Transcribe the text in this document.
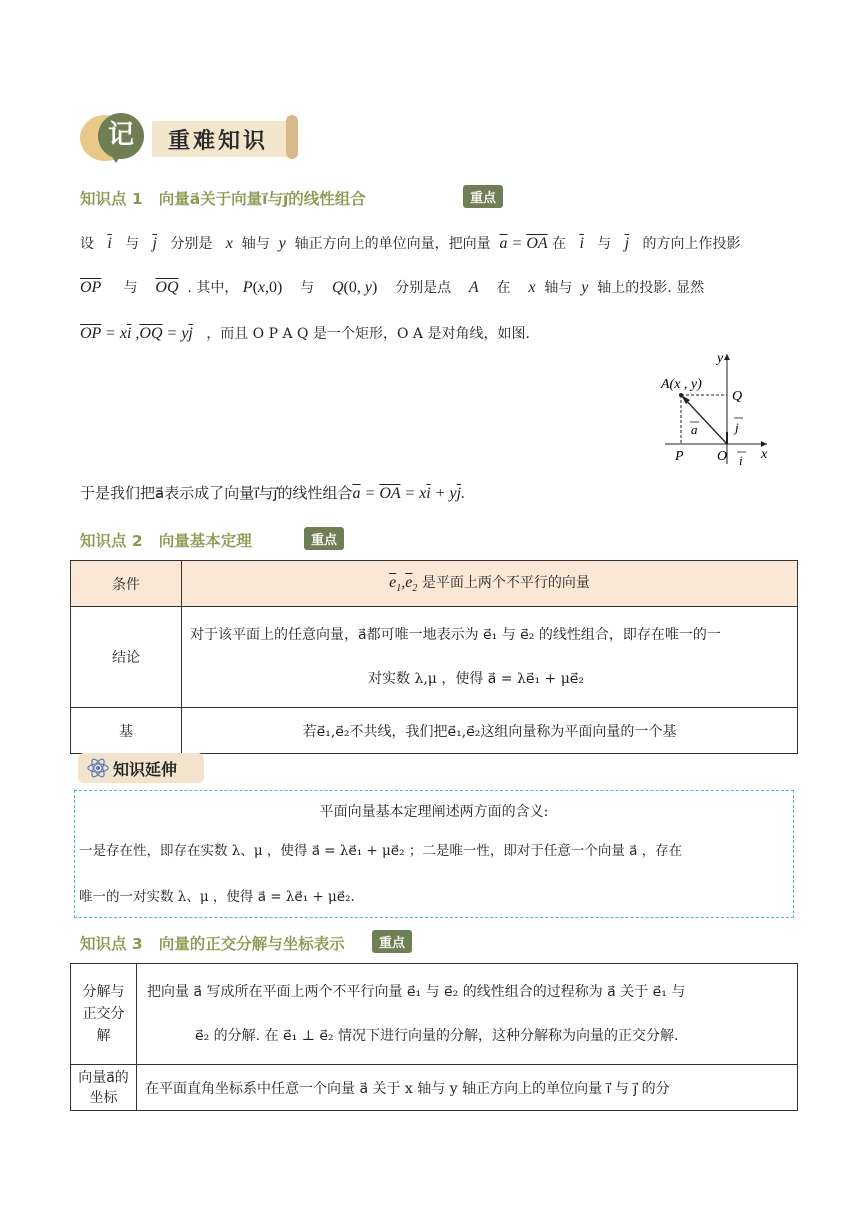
记	重难知识
知识点 1 向量a⃗关于向量i⃗与j⃗的线性组合	重点
设 $\overline{i}$ 与 $\overline{j}$ 分别是 x 轴与 y 轴正方向上的单位向量，把向量 $\overline{a} = \overline{OA}$ 在 $\overline{i}$ 与 $\overline{j}$ 的方向上作投影
$\overline{OP}$ 与 $\overline{OQ}$ . 其中， P(x,0) 与 Q(0, y) 分别是点 A 在 x 轴与 y 轴上的投影. 显然
$\overline{OP} = x\overline{i}$ $,\overline{OQ} = y\overline{j}$ ，而且 O P A Q 是一个矩形，O A 是对角线，如图.
A(x , y)
Q
P O x
y
a	j
i
于是我们把a⃗表示成了向量i⃗与j⃗的线性组合$\overline{a} = \overline{OA} = x\overline{i} + y\overline{j}$.
知识点 2 向量基本定理	重点
条件	$\overline{e}_1,\overline{e}_2$ 是平面上两个不平行的向量
结论	对于该平面上的任意向量，a⃗都可唯一地表示为 e⃗₁ 与 e⃗₂ 的线性组合，即存在唯一的一
对实数 λ,μ ，使得 a⃗ = λe⃗₁ + μe⃗₂

基	若e⃗₁,e⃗₂不共线，我们把e⃗₁,e⃗₂这组向量称为平面向量的一个基
知识延伸
平面向量基本定理阐述两方面的含义:
一是存在性，即存在实数 λ、μ ，使得 a⃗ = λe⃗₁ + μe⃗₂ ；二是唯一性，即对于任意一个向量 a⃗ ，存在
唯一的一对实数 λ、μ ，使得 a⃗ = λe⃗₁ + μe⃗₂.
知识点 3 向量的正交分解与坐标表示	重点
分解与正交分解	把向量 a⃗ 写成所在平面上两个不平行向量 e⃗₁ 与 e⃗₂ 的线性组合的过程称为 a⃗ 关于 e⃗₁ 与
e⃗₂ 的分解. 在 e⃗₁ ⊥ e⃗₂ 情况下进行向量的分解，这种分解称为向量的正交分解.

向量a⃗的坐标	在平面直角坐标系中任意一个向量 a⃗ 关于 x 轴与 y 轴正方向上的单位向量 i⃗ 与 j⃗ 的分
